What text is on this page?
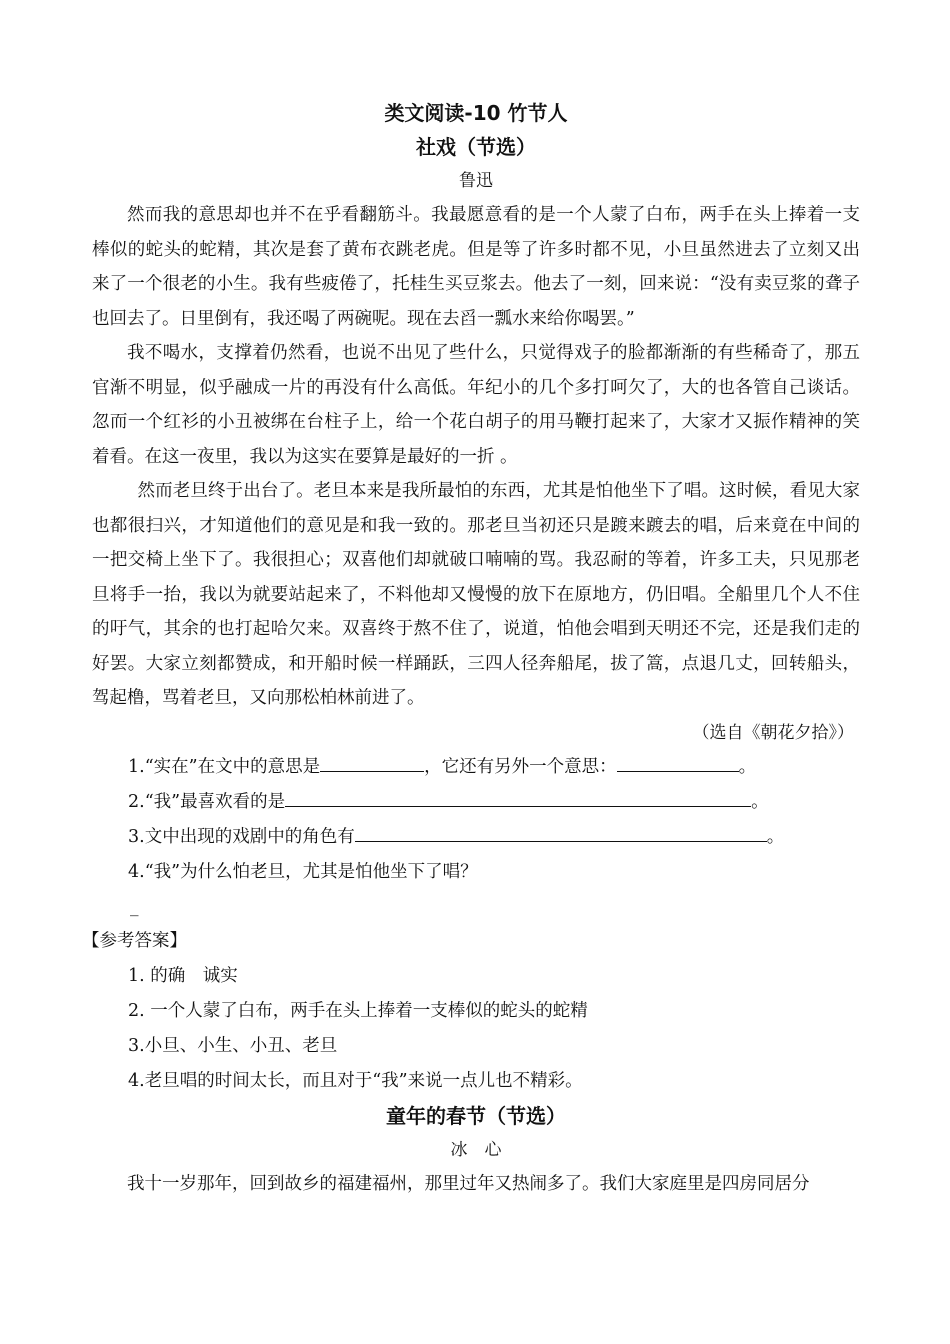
类文阅读-10 竹节人

社戏（节选）

鲁迅

然而我的意思却也并不在乎看翻筋斗。我最愿意看的是一个人蒙了白布，两手在头上捧着一支棒似的蛇头的蛇精，其次是套了黄布衣跳老虎。但是等了许多时都不见，小旦虽然进去了立刻又出来了一个很老的小生。我有些疲倦了，托桂生买豆浆去。他去了一刻，回来说：“没有卖豆浆的聋子也回去了。日里倒有，我还喝了两碗呢。现在去舀一瓢水来给你喝罢。”

我不喝水，支撑着仍然看，也说不出见了些什么，只觉得戏子的脸都渐渐的有些稀奇了，那五官渐不明显，似乎融成一片的再没有什么高低。年纪小的几个多打呵欠了，大的也各管自己谈话。忽而一个红衫的小丑被绑在台柱子上，给一个花白胡子的用马鞭打起来了，大家才又振作精神的笑着看。在这一夜里，我以为这实在要算是最好的一折 。

然而老旦终于出台了。老旦本来是我所最怕的东西，尤其是怕他坐下了唱。这时候，看见大家也都很扫兴，才知道他们的意见是和我一致的。那老旦当初还只是踱来踱去的唱，后来竟在中间的一把交椅上坐下了。我很担心；双喜他们却就破口喃喃的骂。我忍耐的等着，许多工夫，只见那老旦将手一抬，我以为就要站起来了，不料他却又慢慢的放下在原地方，仍旧唱。全船里几个人不住的吁气，其余的也打起哈欠来。双喜终于熬不住了，说道，怕他会唱到天明还不完，还是我们走的好罢。大家立刻都赞成，和开船时候一样踊跃，三四人径奔船尾，拔了篙，点退几丈，回转船头，驾起橹，骂着老旦，又向那松柏林前进了。

（选自《朝花夕拾》）

1.“实在”在文中的意思是	，它还有另外一个意思：	。

2.“我”最喜欢看的是	。

3.文中出现的戏剧中的角色有	。

4.“我”为什么怕老旦，尤其是怕他坐下了唱？

_

【参考答案】

1. 的确　诚实

2. 一个人蒙了白布，两手在头上捧着一支棒似的蛇头的蛇精

3.小旦、小生、小丑、老旦

4.老旦唱的时间太长，而且对于“我”来说一点儿也不精彩。

童年的春节（节选）

冰　心

我十一岁那年，回到故乡的福建福州，那里过年又热闹多了。我们大家庭里是四房同居分
